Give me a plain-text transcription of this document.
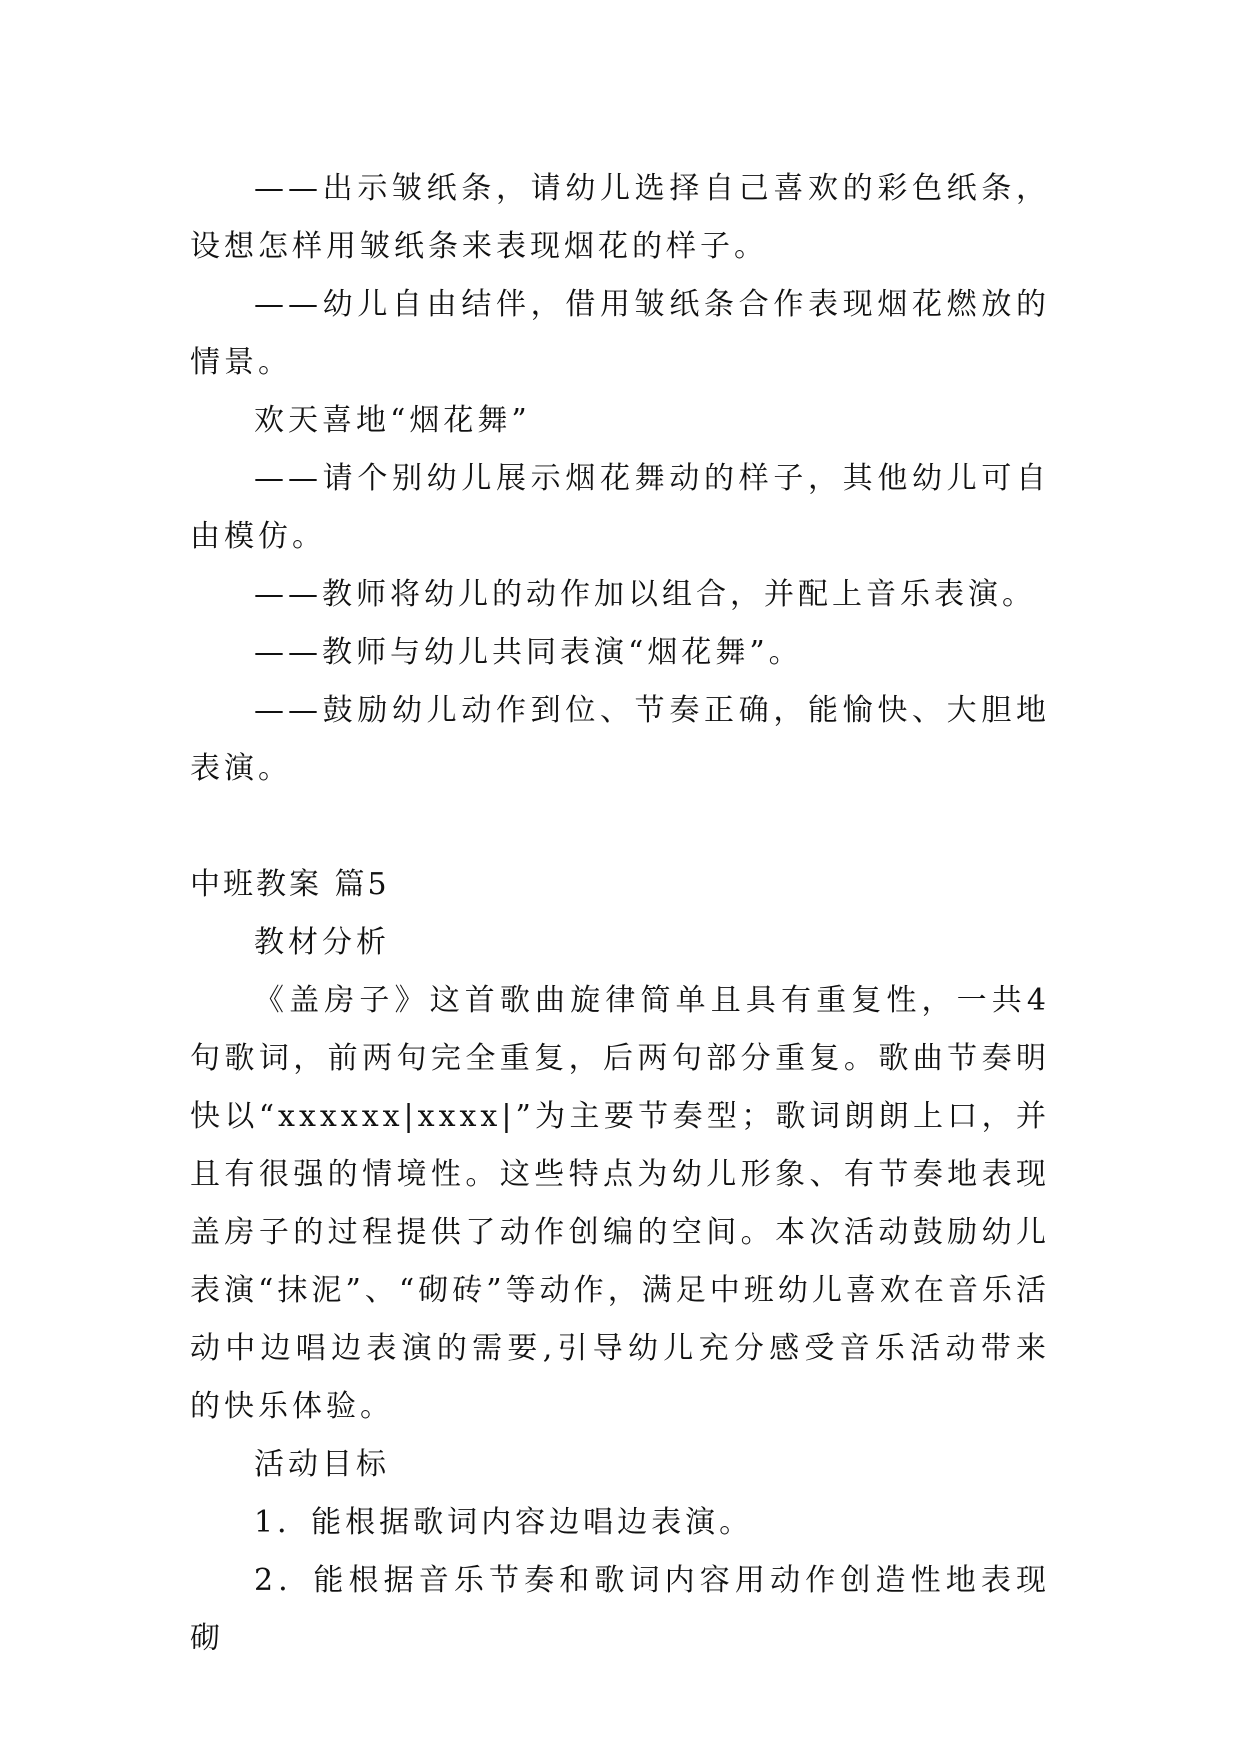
——出示皱纸条，请幼儿选择自己喜欢的彩色纸条，设想怎样用皱纸条来表现烟花的样子。

——幼儿自由结伴，借用皱纸条合作表现烟花燃放的情景。

欢天喜地“烟花舞”

——请个别幼儿展示烟花舞动的样子，其他幼儿可自由模仿。

——教师将幼儿的动作加以组合，并配上音乐表演。

——教师与幼儿共同表演“烟花舞”。

——鼓励幼儿动作到位、节奏正确，能愉快、大胆地表演。

中班教案 篇5

教材分析

《盖房子》这首歌曲旋律简单且具有重复性，一共4句歌词，前两句完全重复，后两句部分重复。歌曲节奏明快以“xxxxxx|xxxx|”为主要节奏型；歌词朗朗上口，并且有很强的情境性。这些特点为幼儿形象、有节奏地表现盖房子的过程提供了动作创编的空间。本次活动鼓励幼儿表演“抹泥”、“砌砖”等动作，满足中班幼儿喜欢在音乐活动中边唱边表演的需要,引导幼儿充分感受音乐活动带来的快乐体验。

活动目标

1．能根据歌词内容边唱边表演。

2．能根据音乐节奏和歌词内容用动作创造性地表现砌
